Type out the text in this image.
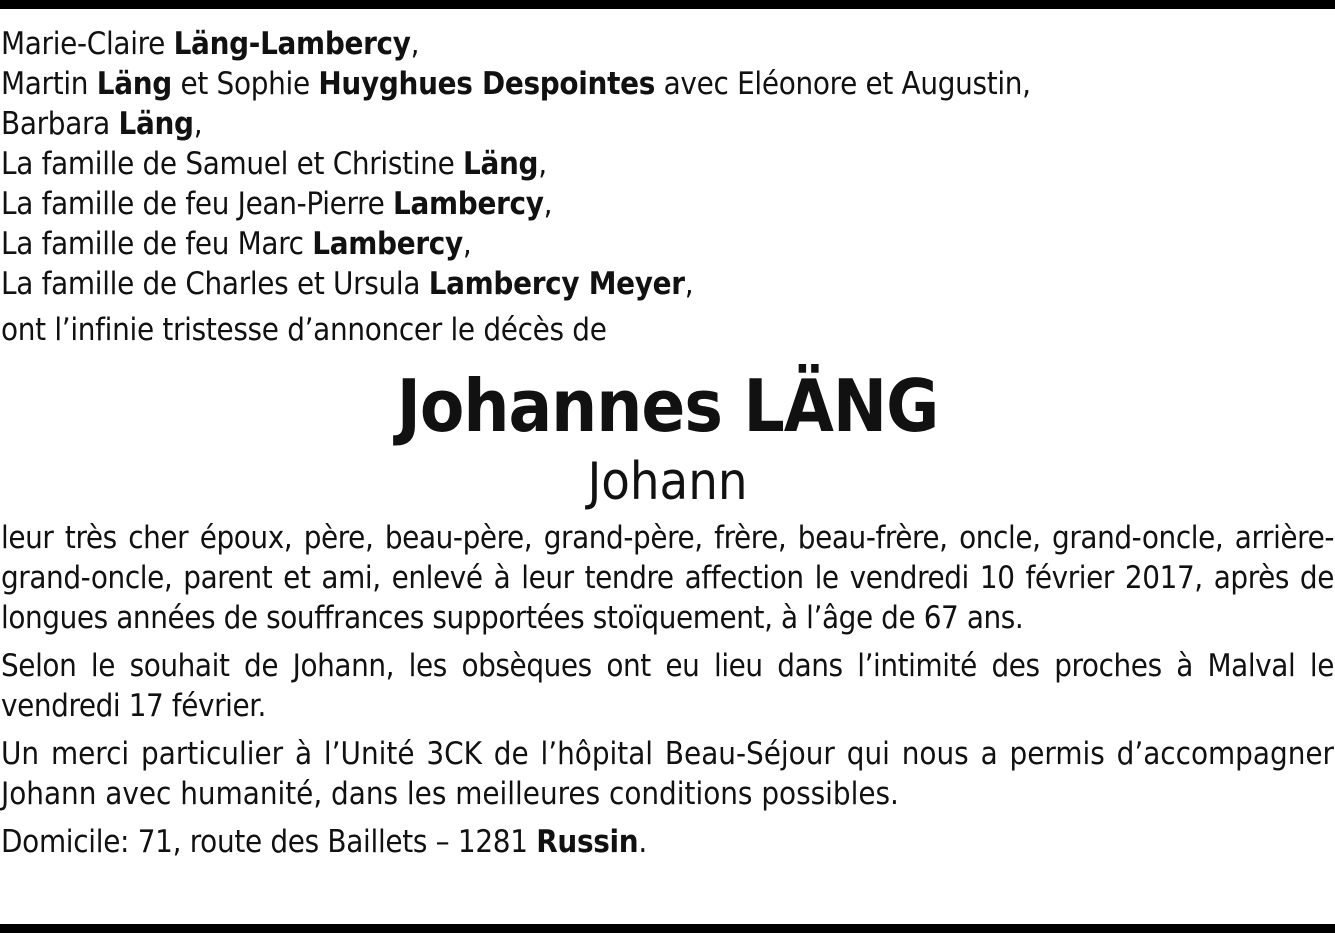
Marie-Claire Läng-Lambercy,
Martin Läng et Sophie Huyghues Despointes avec Eléonore et Augustin,
Barbara Läng,
La famille de Samuel et Christine Läng,
La famille de feu Jean-Pierre Lambercy,
La famille de feu Marc Lambercy,
La famille de Charles et Ursula Lambercy Meyer,
ont l’infinie tristesse d’annoncer le décès de
Johannes LÄNG
Johann
leur très cher époux, père, beau-père, grand-père, frère, beau-frère, oncle, grand-oncle, arrière-grand-oncle, parent et ami, enlevé à leur tendre affection le vendredi 10 février 2017, après de longues années de souffrances supportées stoïquement, à l’âge de 67 ans.
Selon le souhait de Johann, les obsèques ont eu lieu dans l’intimité des proches à Malval le vendredi 17 février.
Un merci particulier à l’Unité 3CK de l’hôpital Beau-Séjour qui nous a permis d’accompagner Johann avec humanité, dans les meilleures conditions possibles.
Domicile: 71, route des Baillets – 1281 Russin.
